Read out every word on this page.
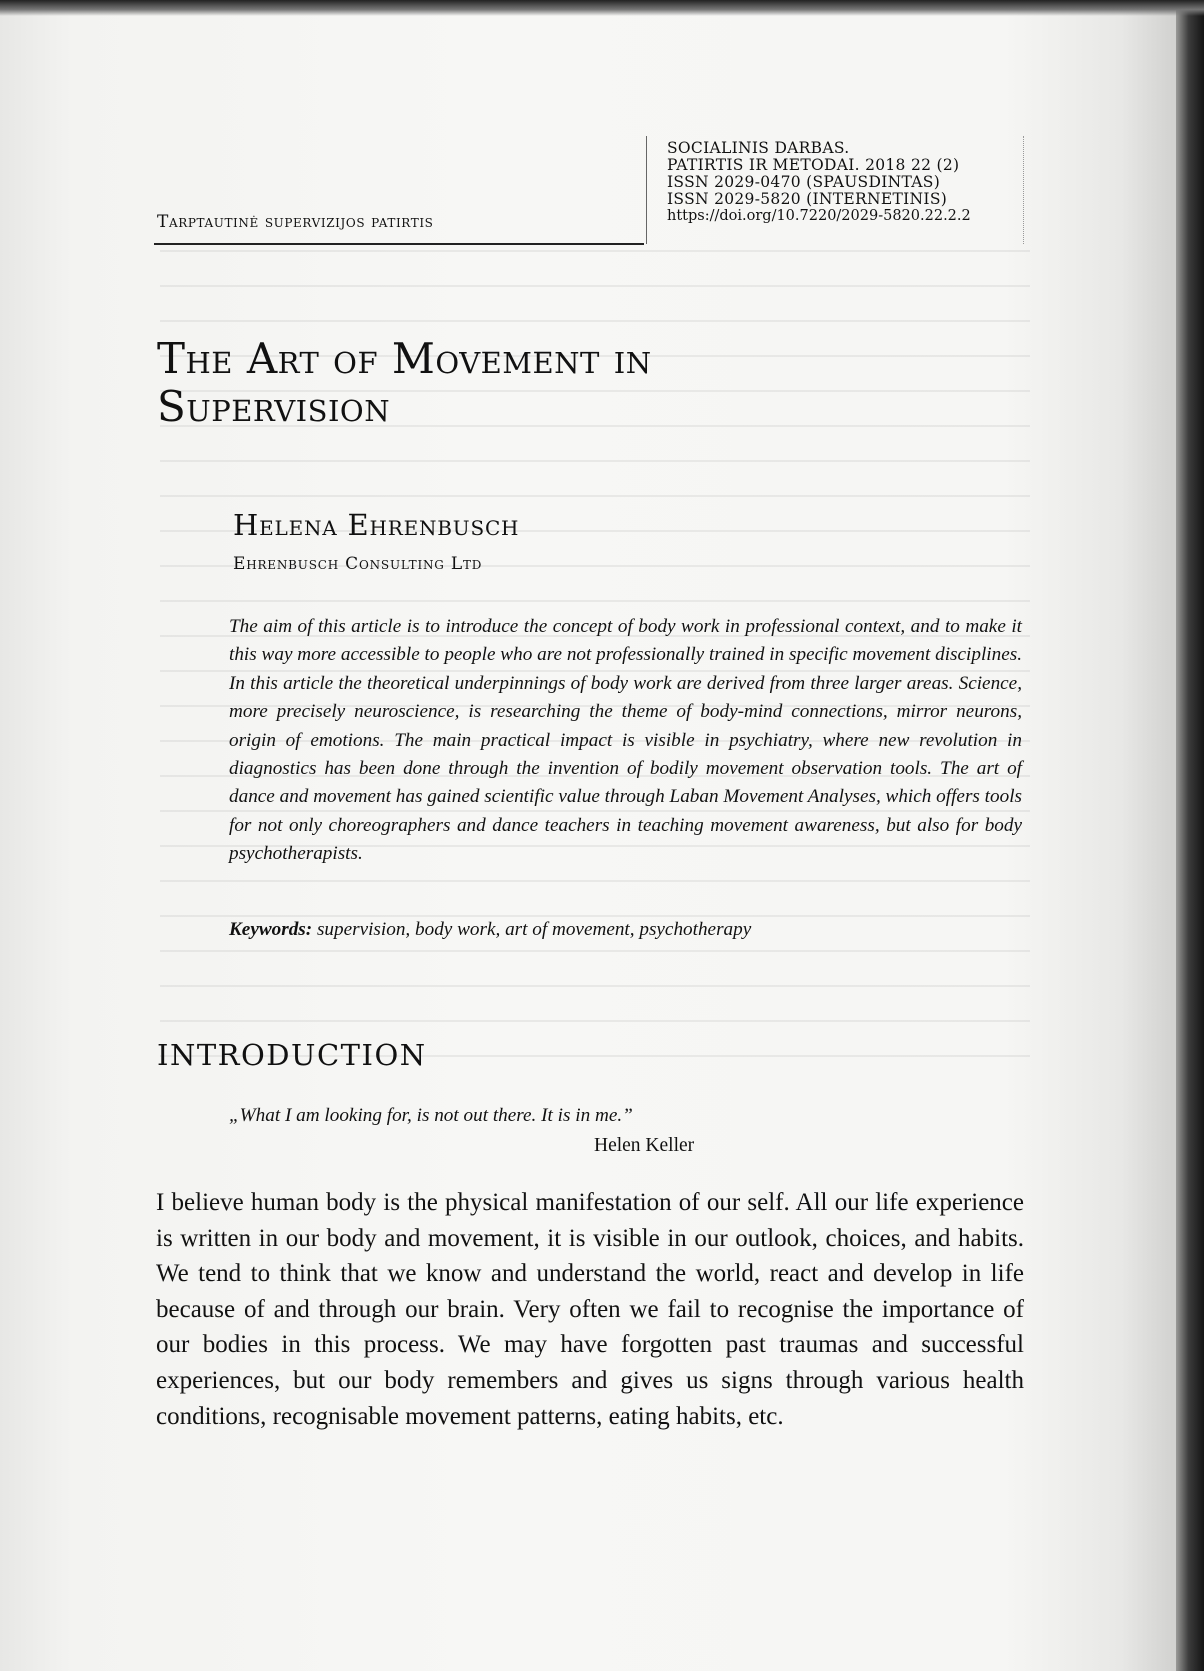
SOCIALINIS DARBAS.
PATIRTIS IR METODAI. 2018 22 (2)
ISSN 2029-0470 (SPAUSDINTAS)
ISSN 2029-5820 (INTERNETINIS)
https://doi.org/10.7220/2029-5820.22.2.2
Tarptautinė supervizijos patirtis
The Art of Movement in Supervision
Helena Ehrenbusch
Ehrenbusch Consulting Ltd

The aim of this article is to introduce the concept of body work in professional context, and to make it this way more accessible to people who are not professionally trained in specific movement disciplines. In this article the theoretical underpinnings of body work are derived from three larger areas. Science, more precisely neuroscience, is researching the theme of body-mind connections, mirror neurons, origin of emotions. The main practical impact is visible in psychiatry, where new revolution in diagnostics has been done through the invention of bodily movement observation tools. The art of dance and movement has gained scientific value through Laban Movement Analyses, which offers tools for not only choreographers and dance teachers in teaching movement awareness, but also for body psychotherapists.

Keywords: supervision, body work, art of movement, psychotherapy
INTRODUCTION
„What I am looking for, is not out there. It is in me.”
Helen Keller

I believe human body is the physical manifestation of our self. All our life experience is written in our body and movement, it is visible in our outlook, choices, and habits. We tend to think that we know and understand the world, react and develop in life because of and through our brain. Very often we fail to recognise the importance of our bodies in this process. We may have forgotten past traumas and successful experiences, but our body remembers and gives us signs through various health conditions, recognisable movement patterns, eating habits, etc.
